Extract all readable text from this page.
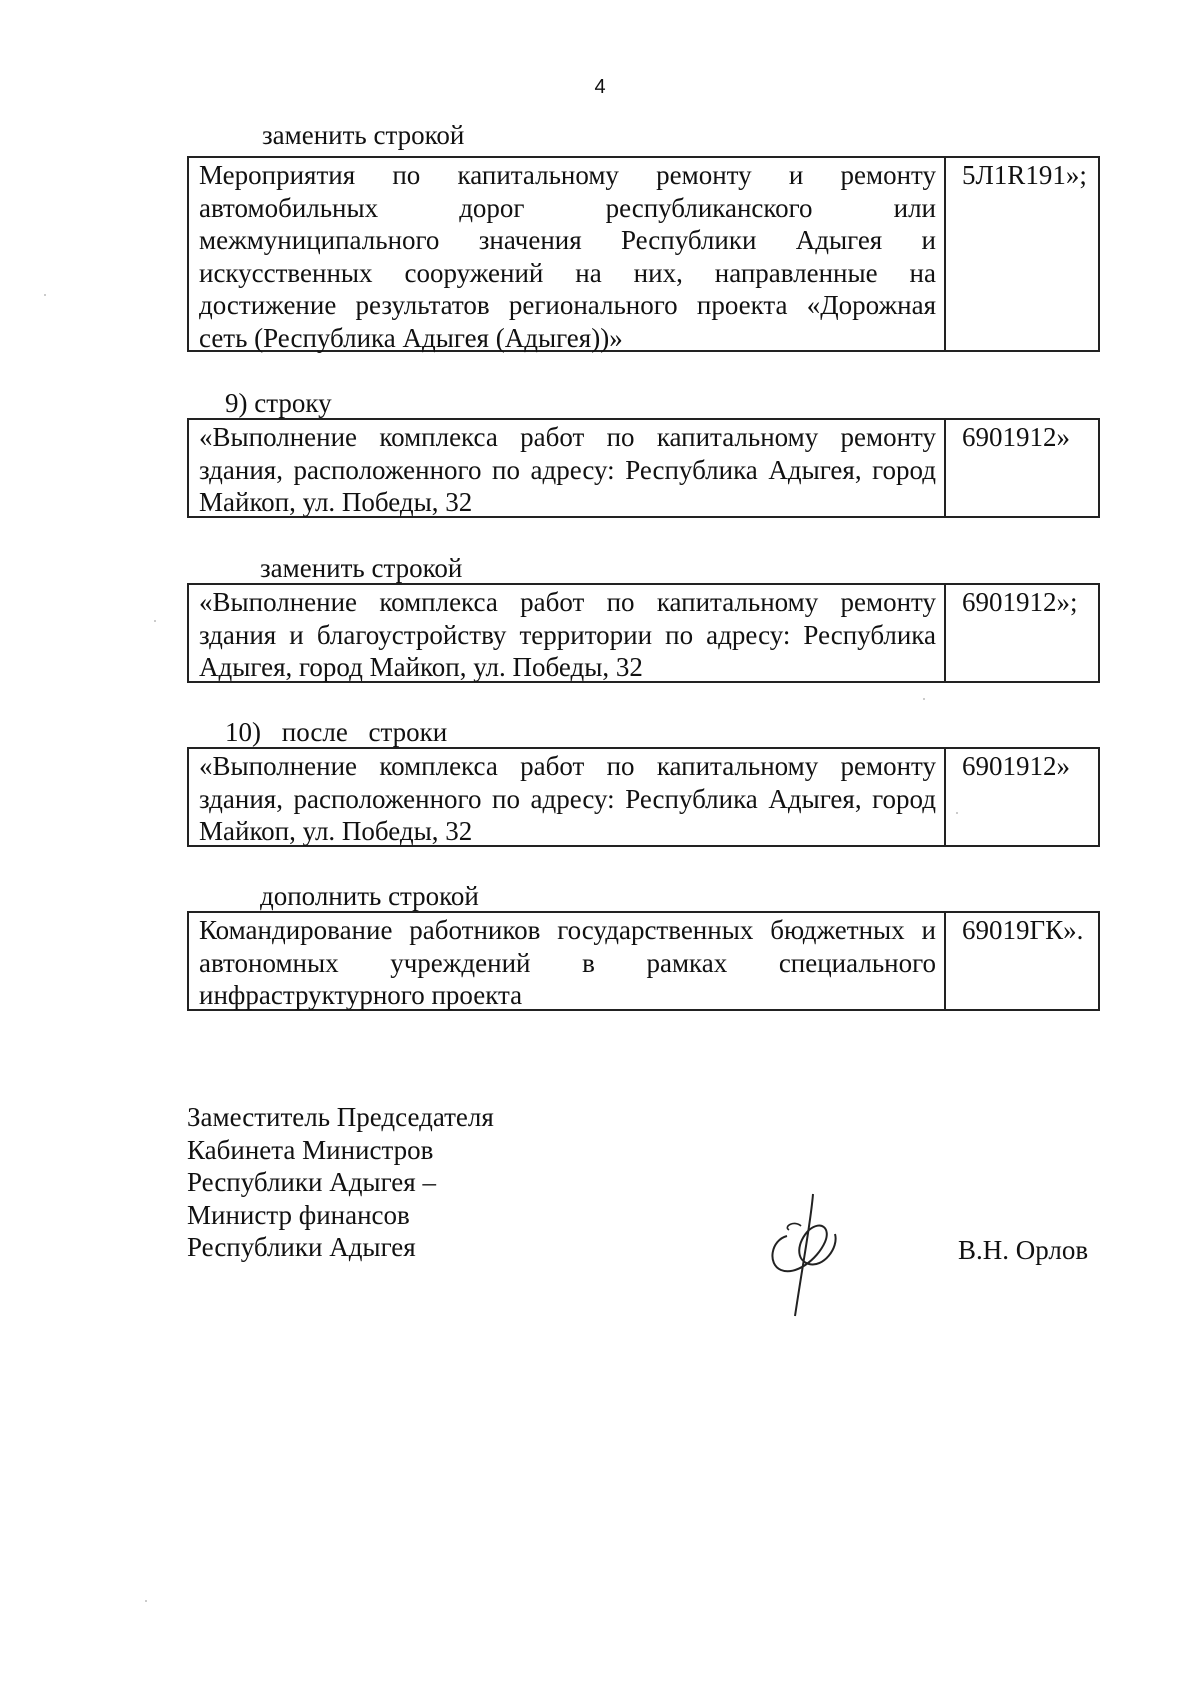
4
заменить строкой
Мероприятия по капитальному ремонту и ремонту автомобильных дорог республиканского или межмуниципального значения Республики Адыгея и искусственных сооружений на них, направленные на достижение результатов регионального проекта «Дорожная сеть (Республика Адыгея (Адыгея))»
5Л1R191»;
9) строку
«Выполнение комплекса работ по капитальному ремонту здания, расположенного по адресу: Республика Адыгея, город Майкоп, ул. Победы, 32
6901912»
заменить строкой
«Выполнение комплекса работ по капитальному ремонту здания и благоустройству территории по адресу: Республика Адыгея, город Майкоп, ул. Победы, 32
6901912»;
10) после строки
«Выполнение комплекса работ по капитальному ремонту здания, расположенного по адресу: Республика Адыгея, город Майкоп, ул. Победы, 32
6901912»
дополнить строкой
Командирование работников государственных бюджетных и автономных учреждений в рамках специального инфраструктурного проекта
69019ГК».
Заместитель Председателя
Кабинета Министров
Республики Адыгея –
Министр финансов
Республики Адыгея	В.Н. Орлов
